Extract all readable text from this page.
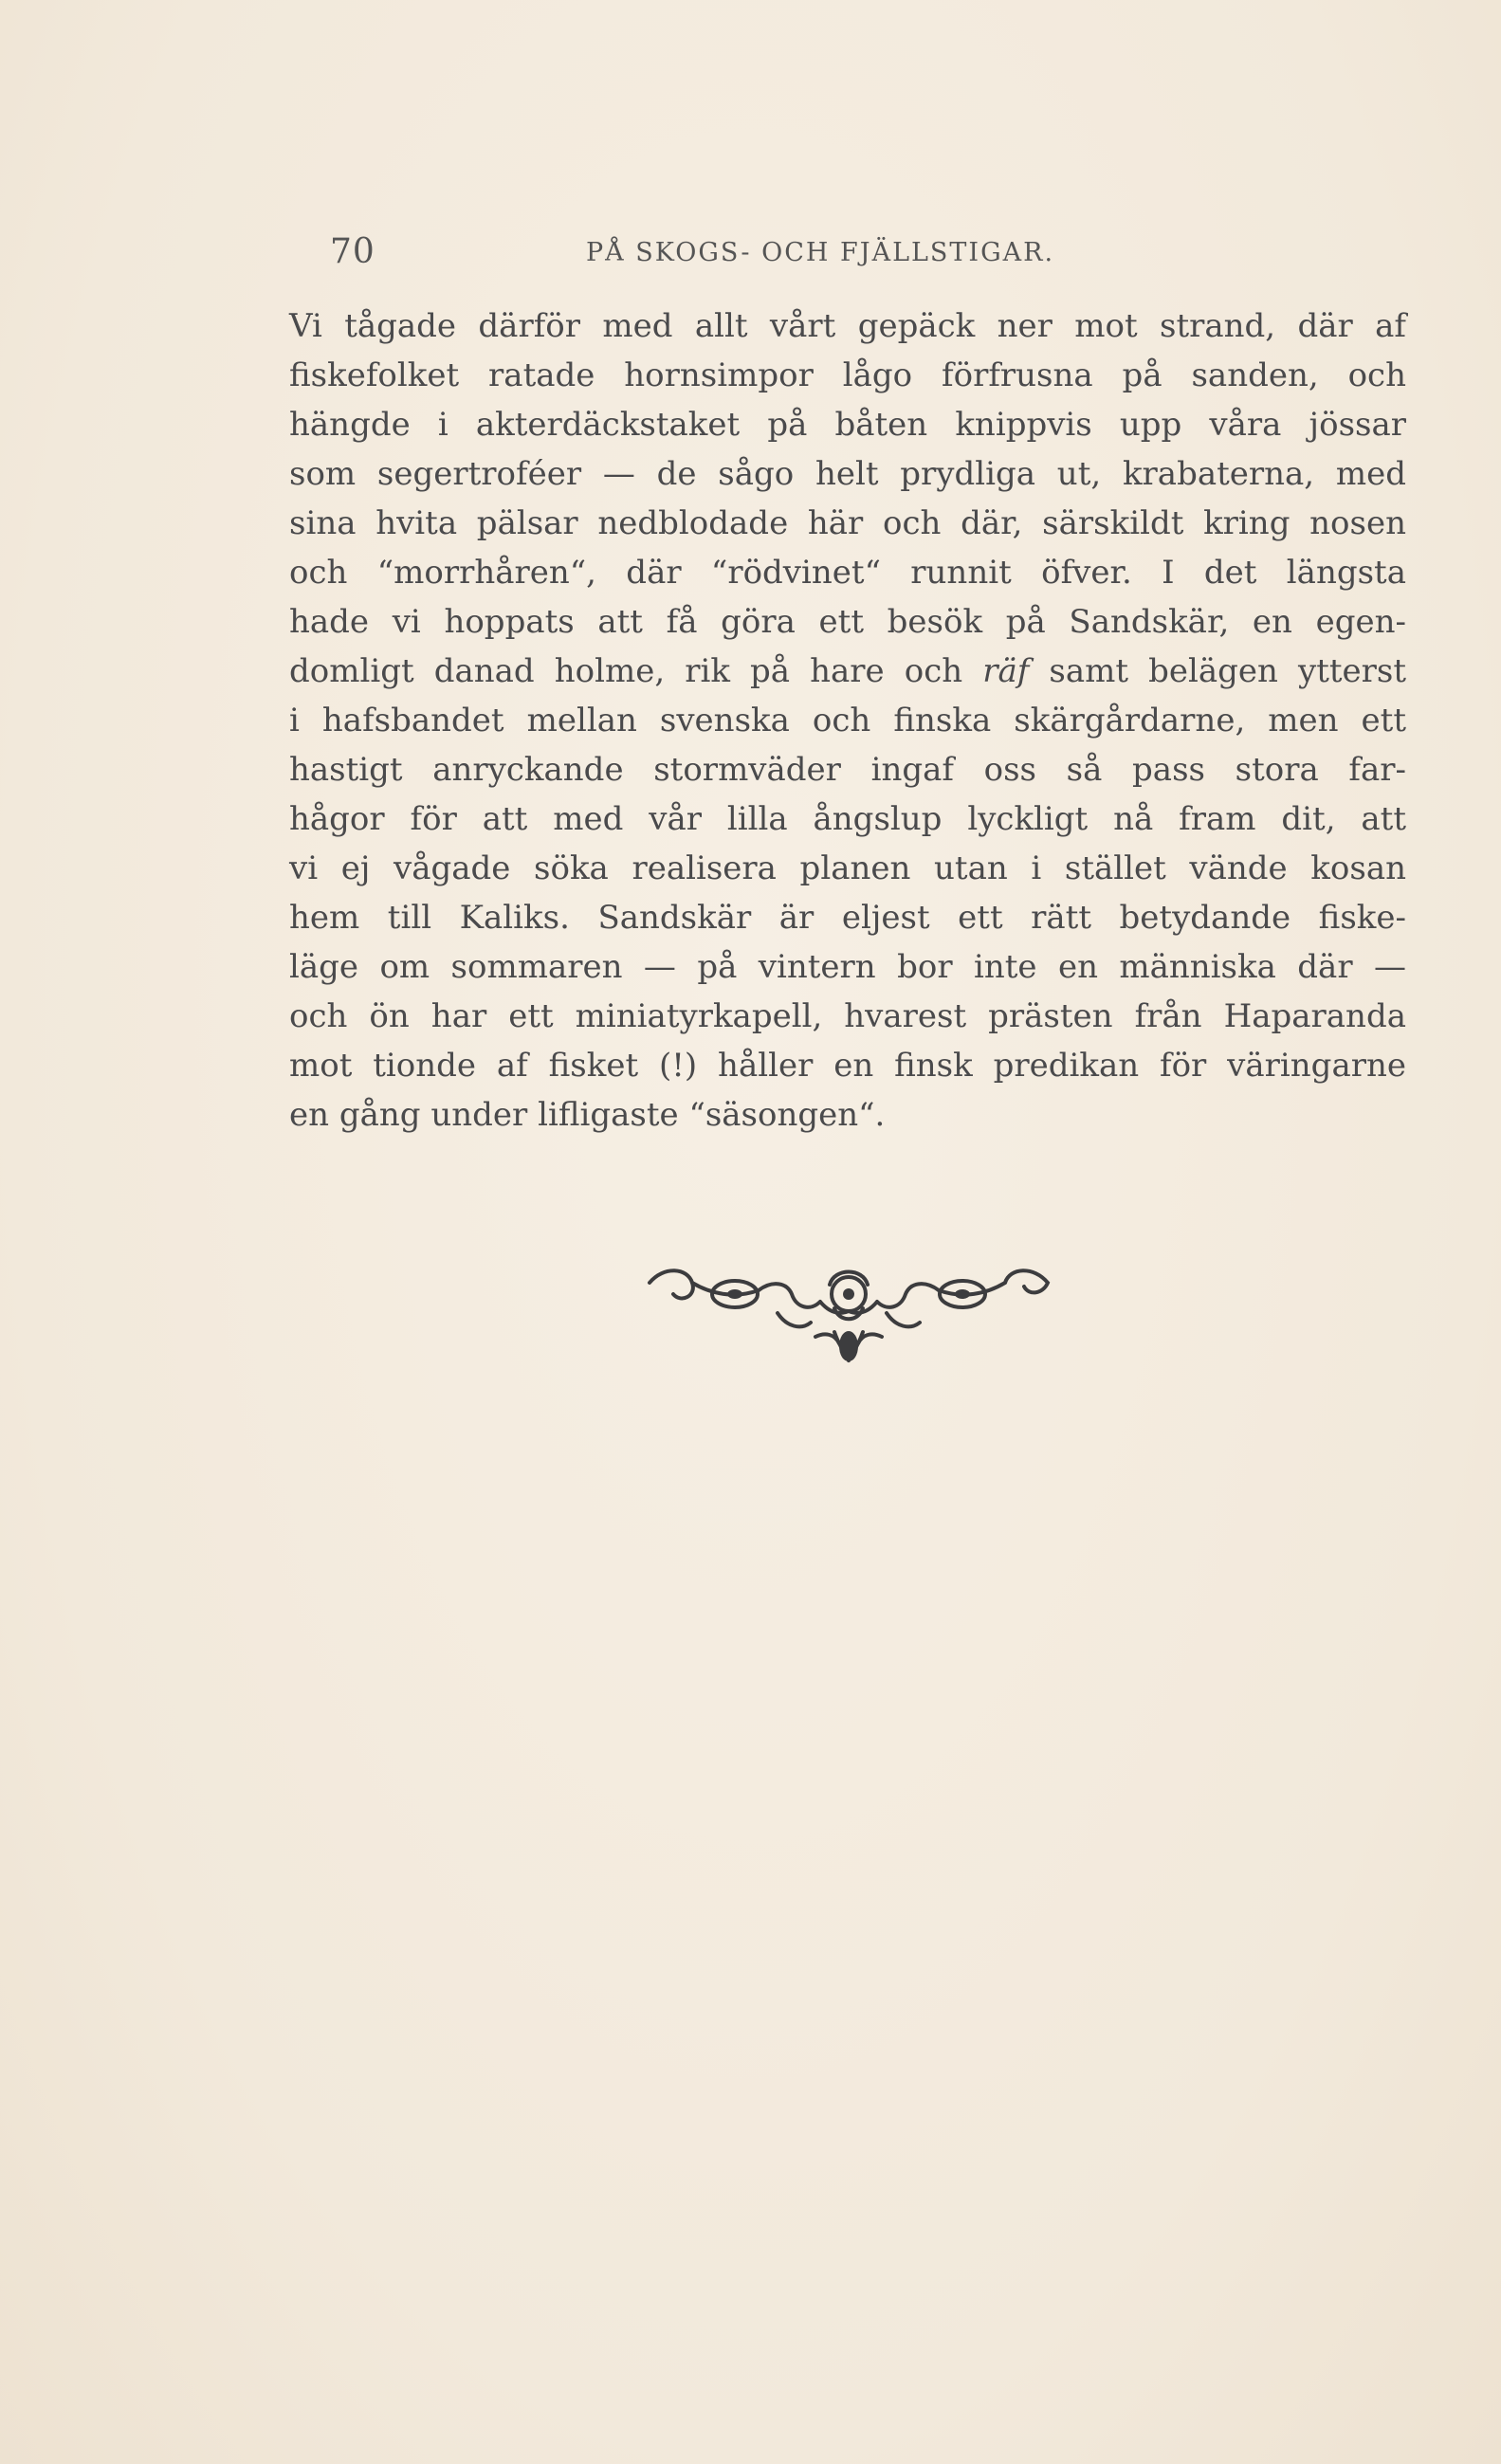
70	PÅ SKOGS- OCH FJÄLLSTIGAR.
Vi tågade därför med allt vårt gepäck ner mot strand, där af
fiskefolket ratade hornsimpor lågo förfrusna på sanden, och
hängde i akterdäckstaket på båten knippvis upp våra jössar
som segertroféer — de sågo helt prydliga ut, krabaterna, med
sina hvita pälsar nedblodade här och där, särskildt kring nosen
och “morrhåren“, där “rödvinet“ runnit öfver. I det längsta
hade vi hoppats att få göra ett besök på Sandskär, en egen-
domligt danad holme, rik på hare och räf samt belägen ytterst
i hafsbandet mellan svenska och finska skärgårdarne, men ett
hastigt anryckande stormväder ingaf oss så pass stora far-
hågor för att med vår lilla ångslup lyckligt nå fram dit, att
vi ej vågade söka realisera planen utan i stället vände kosan
hem till Kaliks. Sandskär är eljest ett rätt betydande fiske-
läge om sommaren — på vintern bor inte en människa där —
och ön har ett miniatyrkapell, hvarest prästen från Haparanda
mot tionde af fisket (!) håller en finsk predikan för väringarne
en gång under lifligaste “säsongen“.
